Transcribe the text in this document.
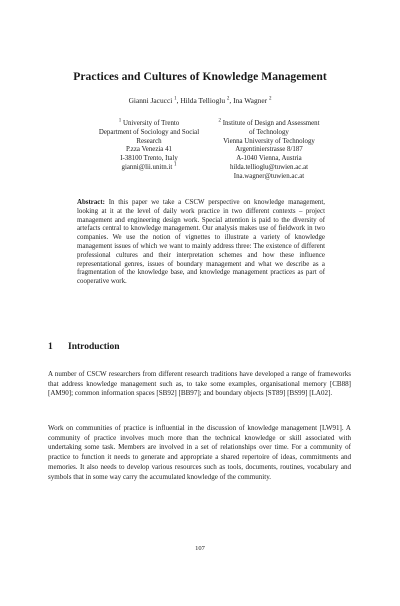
Practices and Cultures of Knowledge Management
Gianni Jacucci $^1$, Hilda Tellioglu $^2$, Ina Wagner $^2$
$^1$ University of Trento
Department of Sociology and Social
Research
P.zza Venezia 41
I-38100 Trento, Italy
gianni@lii.unitn.it $^1$
$^2$ Institute of Design and Assessment
of Technology
Vienna University of Technology
Argentinierstrasse 8/187
A-1040 Vienna, Austria
hilda.tellioglu@tuwien.ac.at
Ina.wagner@tuwien.ac.at
Abstract: In this paper we take a CSCW perspective on knowledge management, looking at it at the level of daily work practice in two different contexts – project management and engineering design work. Special attention is paid to the diversity of artefacts central to knowledge management. Our analysis makes use of fieldwork in two companies. We use the notion of vignettes to illustrate a variety of knowledge management issues of which we want to mainly address three: The existence of different professional cultures and their interpretation schemes and how these influence representational genres, issues of boundary management and what we describe as a fragmentation of the knowledge base, and knowledge management practices as part of cooperative work.
1 Introduction
A number of CSCW researchers from different research traditions have developed a range of frameworks that address knowledge management such as, to take some examples, organisational memory [CB88] [AM90]; common information spaces [SB92] [BB97]; and boundary objects [ST89] [BS99] [LA02].
Work on communities of practice is influential in the discussion of knowledge management [LW91]. A community of practice involves much more than the technical knowledge or skill associated with undertaking some task. Members are involved in a set of relationships over time. For a community of practice to function it needs to generate and appropriate a shared repertoire of ideas, commitments and memories. It also needs to develop various resources such as tools, documents, routines, vocabulary and symbols that in some way carry the accumulated knowledge of the community.
107
